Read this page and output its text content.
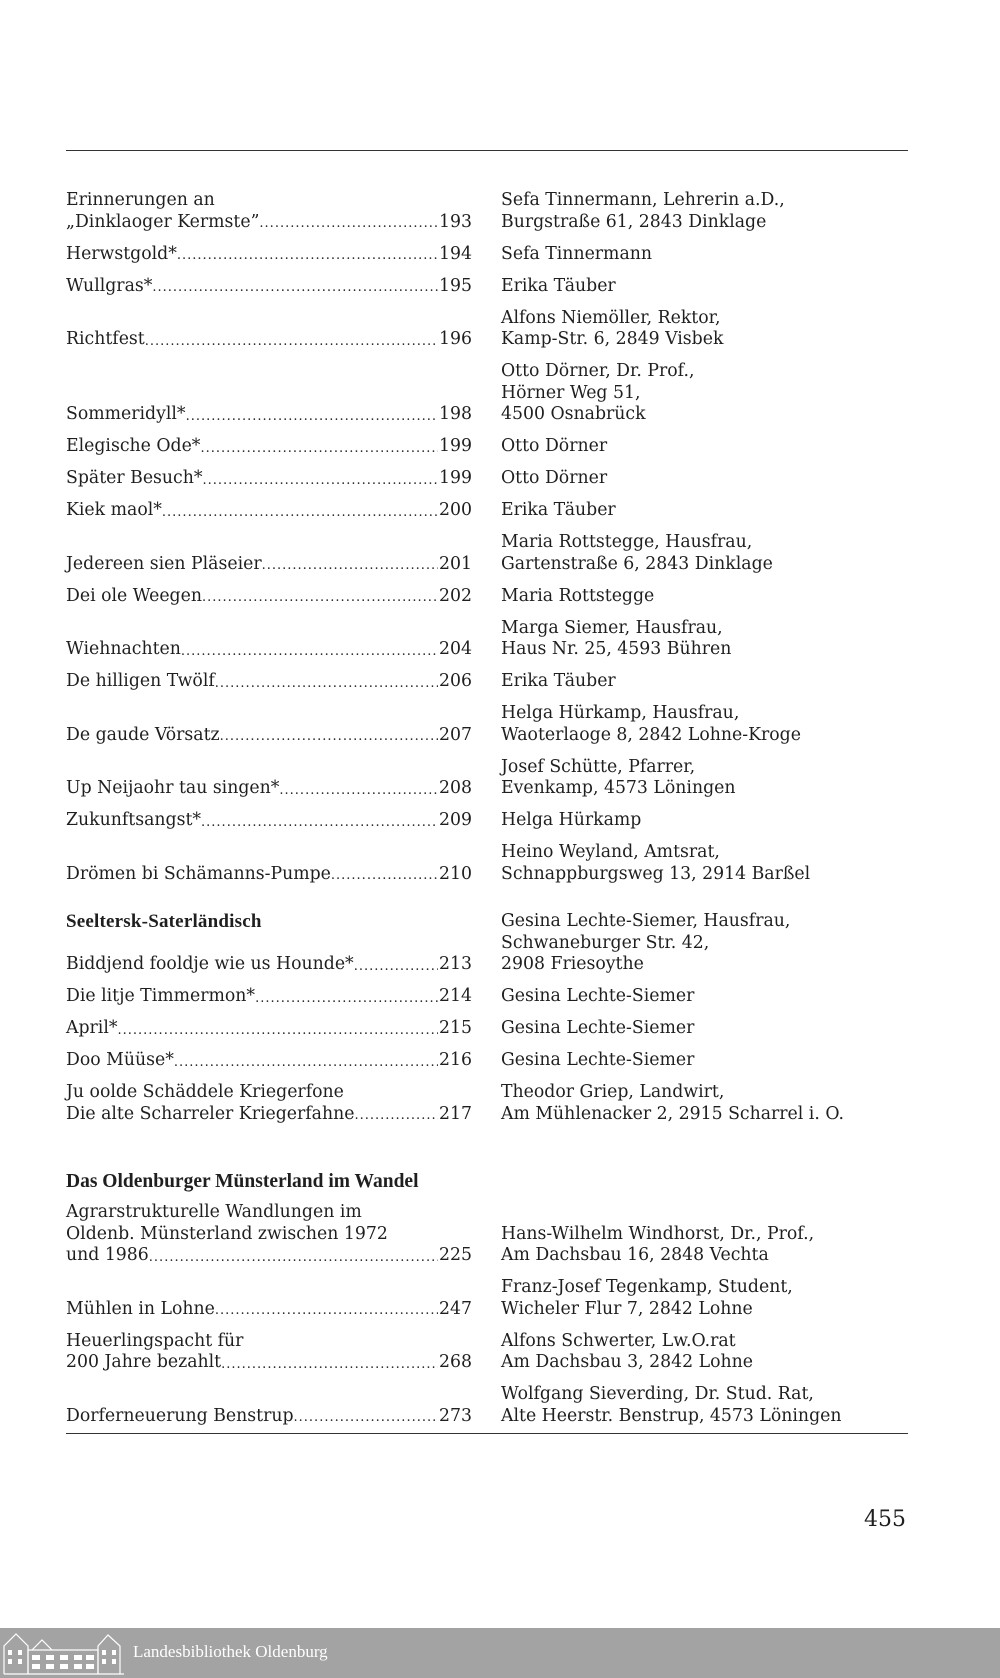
Erinnerungen an
„Dinklaoger Kermste” .....	193
Sefa Tinnermann, Lehrerin a.D.,
Burgstraße 61, 2843 Dinklage
Herwstgold* .....	194 Sefa Tinnermann
Wullgras* .....	195 Erika Täuber
Richtfest .....	196
Alfons Niemöller, Rektor,
Kamp-Str. 6, 2849 Visbek
Sommeridyll* .....	198
Otto Dörner, Dr. Prof.,
Hörner Weg 51,
4500 Osnabrück
Elegische Ode* .....	199 Otto Dörner
Später Besuch* .....	199 Otto Dörner
Kiek maol* .....	200 Erika Täuber
Jedereen sien Pläseier .....	201
Maria Rottstegge, Hausfrau,
Gartenstraße 6, 2843 Dinklage
Dei ole Weegen .....	202 Maria Rottstegge
Wiehnachten .....	204
Marga Siemer, Hausfrau,
Haus Nr. 25, 4593 Bühren
De hilligen Twölf .....	206 Erika Täuber
De gaude Vörsatz .....	207
Helga Hürkamp, Hausfrau,
Waoterlaoge 8, 2842 Lohne-Kroge
Up Neijaohr tau singen* .....	208
Josef Schütte, Pfarrer,
Evenkamp, 4573 Löningen
Zukunftsangst* .....	209 Helga Hürkamp
Drömen bi Schämanns-Pumpe .....	210
Heino Weyland, Amtsrat,
Schnappburgsweg 13, 2914 Barßel
Seeltersk-Saterländisch
Biddjend fooldje wie us Hounde* .....	213
Gesina Lechte-Siemer, Hausfrau,
Schwaneburger Str. 42,
2908 Friesoythe
Die litje Timmermon* .....	214 Gesina Lechte-Siemer
April* .....	215 Gesina Lechte-Siemer
Doo Müüse* .....	216 Gesina Lechte-Siemer
Ju oolde Schäddele Kriegerfone
Die alte Scharreler Kriegerfahne .....	217
Theodor Griep, Landwirt,
Am Mühlenacker 2, 2915 Scharrel i. O.
Das Oldenburger Münsterland im Wandel
Agrarstrukturelle Wandlungen im
Oldenb. Münsterland zwischen 1972
und 1986 .....	225
Hans-Wilhelm Windhorst, Dr., Prof.,
Am Dachsbau 16, 2848 Vechta
Mühlen in Lohne .....	247
Franz-Josef Tegenkamp, Student,
Wicheler Flur 7, 2842 Lohne
Heuerlingspacht für
200 Jahre bezahlt .....	268
Alfons Schwerter, Lw.O.rat
Am Dachsbau 3, 2842 Lohne
Dorferneuerung Benstrup .....	273
Wolfgang Sieverding, Dr. Stud. Rat,
Alte Heerstr. Benstrup, 4573 Löningen
455
Landesbibliothek Oldenburg
